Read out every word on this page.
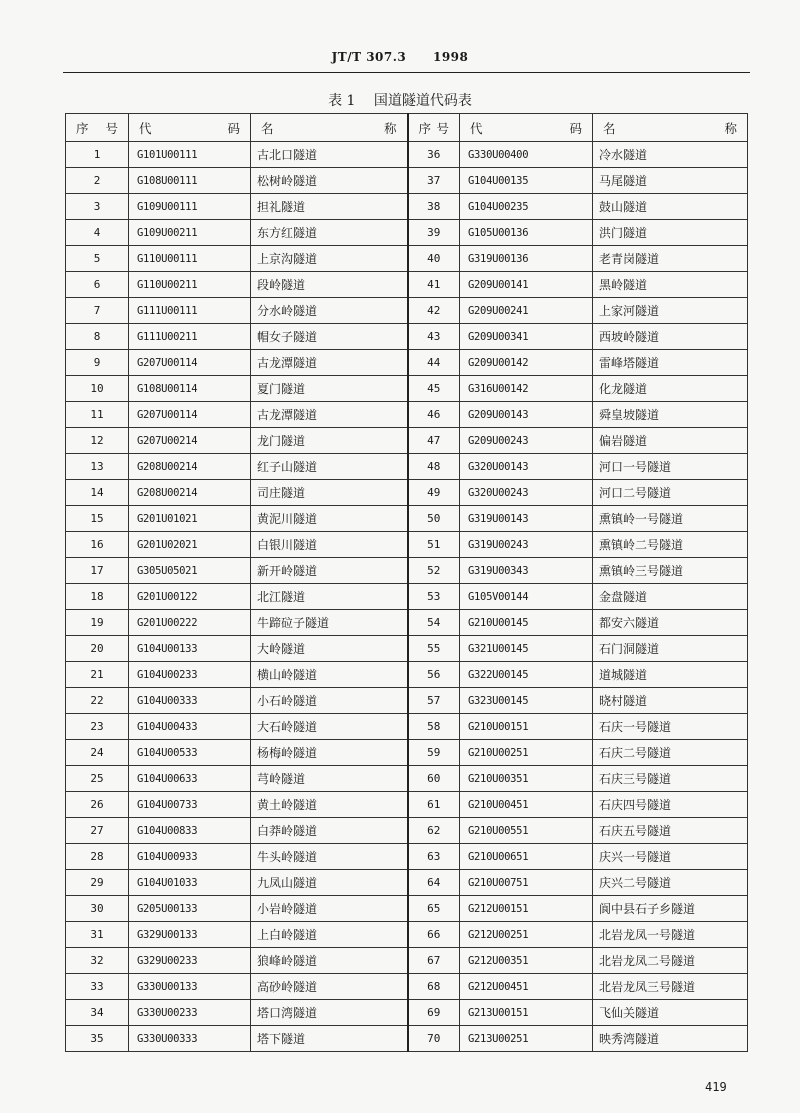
JT/T 307.3 1998
表 1 国道隧道代码表
序 号	代 码	名 称	序 号	代 码	名 称

1	G101U00111	古北口隧道	36	G330U00400	冷水隧道
2	G108U00111	松树岭隧道	37	G104U00135	马尾隧道
3	G109U00111	担礼隧道	38	G104U00235	鼓山隧道
4	G109U00211	东方红隧道	39	G105U00136	洪门隧道
5	G110U00111	上京沟隧道	40	G319U00136	老青岗隧道
6	G110U00211	段岭隧道	41	G209U00141	黑岭隧道
7	G111U00111	分水岭隧道	42	G209U00241	上家河隧道
8	G111U00211	帽女子隧道	43	G209U00341	西坡岭隧道
9	G207U00114	古龙潭隧道	44	G209U00142	雷峰塔隧道
10	G108U00114	夏门隧道	45	G316U00142	化龙隧道
11	G207U00114	古龙潭隧道	46	G209U00143	舜皇坡隧道
12	G207U00214	龙门隧道	47	G209U00243	偏岩隧道
13	G208U00214	红子山隧道	48	G320U00143	河口一号隧道
14	G208U00214	司庄隧道	49	G320U00243	河口二号隧道
15	G201U01021	黄泥川隧道	50	G319U00143	熏镇岭一号隧道
16	G201U02021	白银川隧道	51	G319U00243	熏镇岭二号隧道
17	G305U05021	新开岭隧道	52	G319U00343	熏镇岭三号隧道
18	G201U00122	北江隧道	53	G105V00144	金盘隧道
19	G201U00222	牛蹄砬子隧道	54	G210U00145	都安六隧道
20	G104U00133	大岭隧道	55	G321U00145	石门洞隧道
21	G104U00233	横山岭隧道	56	G322U00145	道城隧道
22	G104U00333	小石岭隧道	57	G323U00145	晓村隧道
23	G104U00433	大石岭隧道	58	G210U00151	石庆一号隧道
24	G104U00533	杨梅岭隧道	59	G210U00251	石庆二号隧道
25	G104U00633	芎岭隧道	60	G210U00351	石庆三号隧道
26	G104U00733	黄土岭隧道	61	G210U00451	石庆四号隧道
27	G104U00833	白莽岭隧道	62	G210U00551	石庆五号隧道
28	G104U00933	牛头岭隧道	63	G210U00651	庆兴一号隧道
29	G104U01033	九凤山隧道	64	G210U00751	庆兴二号隧道
30	G205U00133	小岩岭隧道	65	G212U00151	阆中县石子乡隧道
31	G329U00133	上白岭隧道	66	G212U00251	北岩龙凤一号隧道
32	G329U00233	狼峰岭隧道	67	G212U00351	北岩龙凤二号隧道
33	G330U00133	高砂岭隧道	68	G212U00451	北岩龙凤三号隧道
34	G330U00233	塔口湾隧道	69	G213U00151	飞仙关隧道
35	G330U00333	塔下隧道	70	G213U00251	映秀湾隧道
419
